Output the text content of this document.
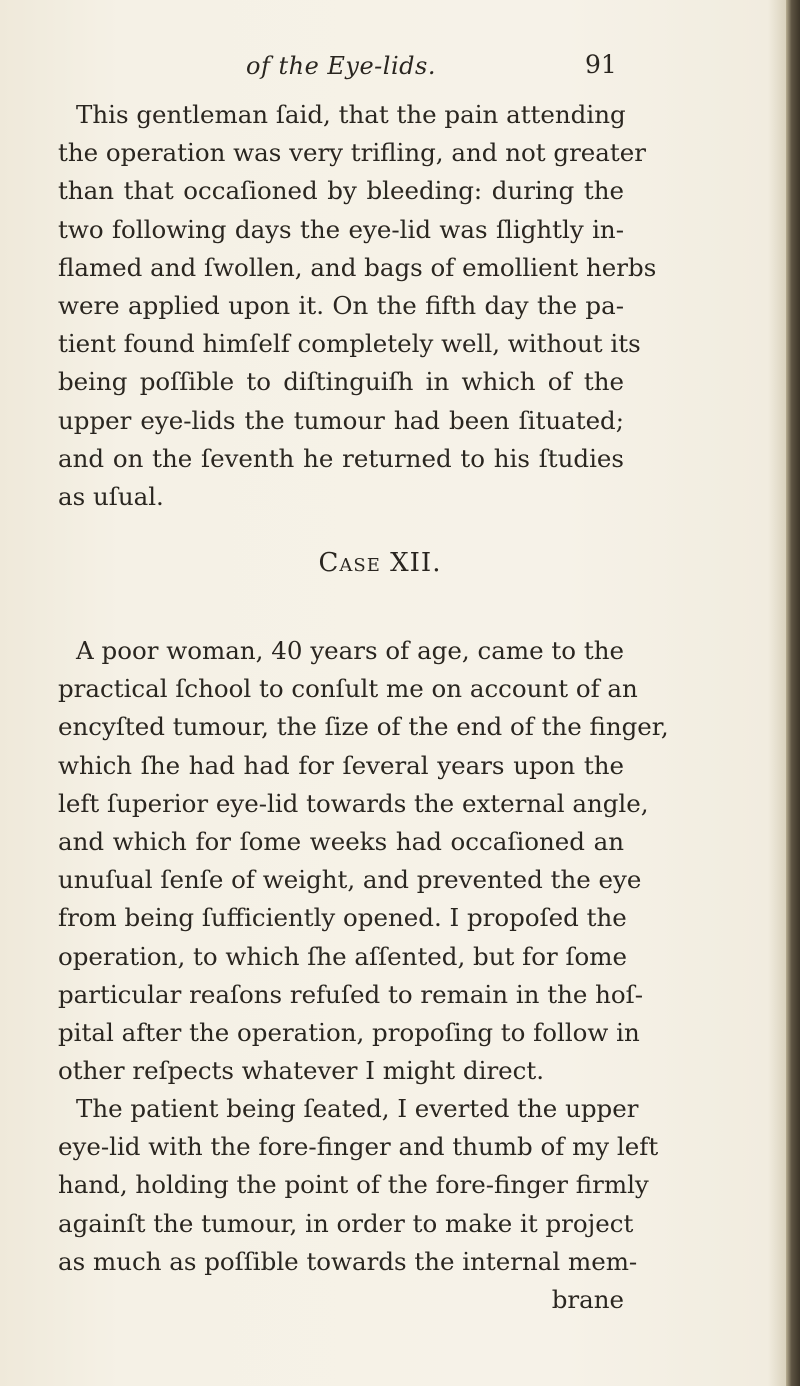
of the Eye-lids.	91
This gentleman ſaid, that the pain attending
the operation was very trifling, and not greater
than that occaſioned by bleeding: during the
two following days the eye-lid was ſlightly in-
flamed and ſwollen, and bags of emollient herbs
were applied upon it. On the fifth day the pa-
tient found himſelf completely well, without its
being poſſible to diſtinguiſh in which of the
upper eye-lids the tumour had been ſituated;
and on the ſeventh he returned to his ſtudies
as uſual.
Case XII.
A poor woman, 40 years of age, came to the
practical ſchool to conſult me on account of an
encyſted tumour, the ſize of the end of the finger,
which ſhe had had for ſeveral years upon the
left ſuperior eye-lid towards the external angle,
and which for ſome weeks had occaſioned an
unuſual ſenſe of weight, and prevented the eye
from being ſufficiently opened. I propoſed the
operation, to which ſhe aſſented, but for ſome
particular reaſons refuſed to remain in the hoſ-
pital after the operation, propoſing to follow in
other reſpects whatever I might direct.
The patient being ſeated, I everted the upper
eye-lid with the fore-finger and thumb of my left
hand, holding the point of the fore-finger firmly
againſt the tumour, in order to make it project
as much as poſſible towards the internal mem-
brane
